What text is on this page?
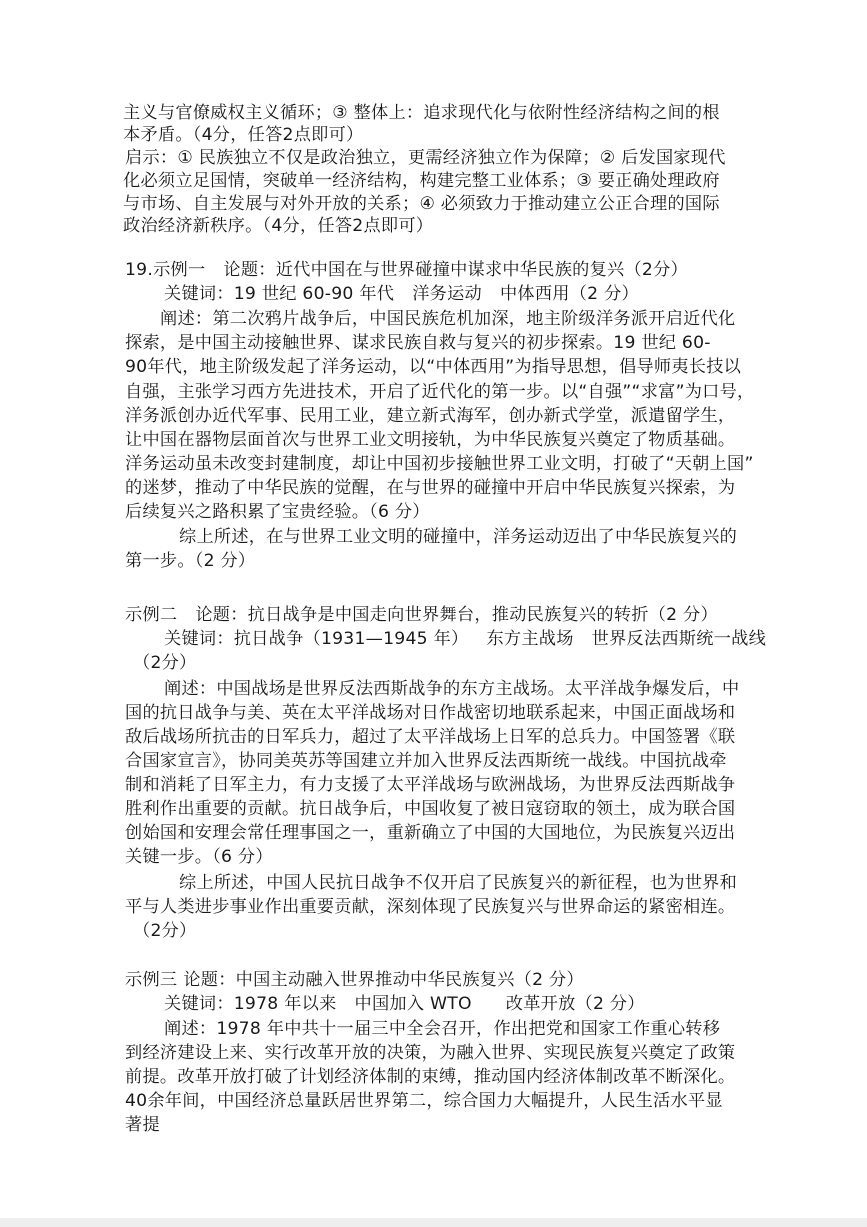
主义与官僚威权主义循环；③ 整体上：追求现代化与依附性经济结构之间的根
本矛盾。（4分，任答2点即可）
启示：① 民族独立不仅是政治独立，更需经济独立作为保障；② 后发国家现代
化必须立足国情，突破单一经济结构，构建完整工业体系；③ 要正确处理政府
与市场、自主发展与对外开放的关系；④ 必须致力于推动建立公正合理的国际
政治经济新秩序。（4分，任答2点即可）
19.示例一 论题：近代中国在与世界碰撞中谋求中华民族的复兴（2分）
关键词：19 世纪 60-90 年代 洋务运动 中体西用（2 分）
阐述：第二次鸦片战争后，中国民族危机加深，地主阶级洋务派开启近代化
探索，是中国主动接触世界、谋求民族自救与复兴的初步探索。19 世纪 60-
90年代，地主阶级发起了洋务运动，以“中体西用”为指导思想，倡导师夷长技以
自强，主张学习西方先进技术，开启了近代化的第一步。以“自强”“求富”为口号，
洋务派创办近代军事、民用工业，建立新式海军，创办新式学堂，派遣留学生，
让中国在器物层面首次与世界工业文明接轨，为中华民族复兴奠定了物质基础。
洋务运动虽未改变封建制度，却让中国初步接触世界工业文明，打破了“天朝上国”
的迷梦，推动了中华民族的觉醒，在与世界的碰撞中开启中华民族复兴探索，为
后续复兴之路积累了宝贵经验。（6 分）
综上所述，在与世界工业文明的碰撞中，洋务运动迈出了中华民族复兴的
第一步。（2 分）
示例二 论题：抗日战争是中国走向世界舞台，推动民族复兴的转折（2 分）
关键词：抗日战争（1931—1945 年） 东方主战场 世界反法西斯统一战线
（2分）
阐述：中国战场是世界反法西斯战争的东方主战场。太平洋战争爆发后，中
国的抗日战争与美、英在太平洋战场对日作战密切地联系起来，中国正面战场和
敌后战场所抗击的日军兵力，超过了太平洋战场上日军的总兵力。中国签署《联
合国家宣言》，协同美英苏等国建立并加入世界反法西斯统一战线。中国抗战牵
制和消耗了日军主力，有力支援了太平洋战场与欧洲战场，为世界反法西斯战争
胜利作出重要的贡献。抗日战争后，中国收复了被日寇窃取的领土，成为联合国
创始国和安理会常任理事国之一，重新确立了中国的大国地位，为民族复兴迈出
关键一步。（6 分）
综上所述，中国人民抗日战争不仅开启了民族复兴的新征程，也为世界和
平与人类进步事业作出重要贡献，深刻体现了民族复兴与世界命运的紧密相连。
（2分）
示例三 论题：中国主动融入世界推动中华民族复兴（2 分）
关键词：1978 年以来 中国加入 WTO 改革开放（2 分）
阐述：1978 年中共十一届三中全会召开，作出把党和国家工作重心转移
到经济建设上来、实行改革开放的决策，为融入世界、实现民族复兴奠定了政策
前提。改革开放打破了计划经济体制的束缚，推动国内经济体制改革不断深化。
40余年间，中国经济总量跃居世界第二，综合国力大幅提升，人民生活水平显
著提
